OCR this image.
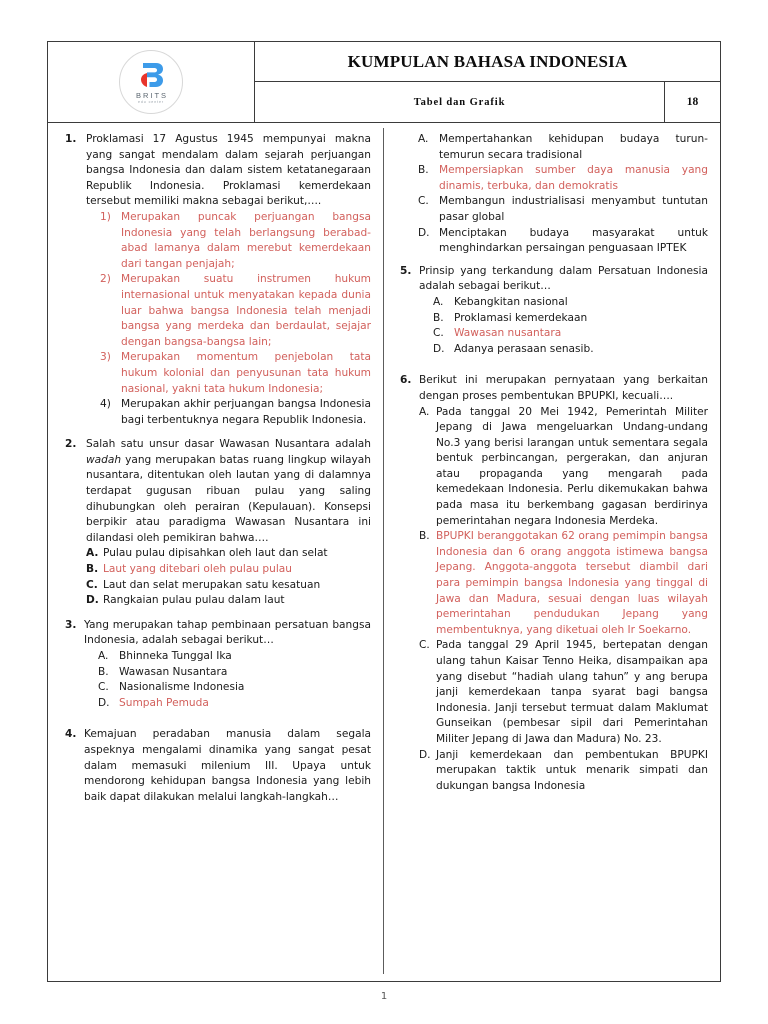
BRITS
edu center
KUMPULAN BAHASA INDONESIA
Tabel dan Grafik	18
1. Proklamasi 17 Agustus 1945 mempunyai makna yang sangat mendalam dalam sejarah perjuangan bangsa Indonesia dan dalam sistem ketatanegaraan Republik Indonesia. Proklamasi kemerdekaan tersebut memiliki makna sebagai berikut,….
1) Merupakan puncak perjuangan bangsa Indonesia yang telah berlangsung berabad-abad lamanya dalam merebut kemerdekaan dari tangan penjajah;
2) Merupakan suatu instrumen hukum internasional untuk menyatakan kepada dunia luar bahwa bangsa Indonesia telah menjadi bangsa yang merdeka dan berdaulat, sejajar dengan bangsa-bangsa lain;
3) Merupakan momentum penjebolan tata hukum kolonial dan penyusunan tata hukum nasional, yakni tata hukum Indonesia;
4) Merupakan akhir perjuangan bangsa Indonesia bagi terbentuknya negara Republik Indonesia.
2. Salah satu unsur dasar Wawasan Nusantara adalah wadah yang merupakan batas ruang lingkup wilayah nusantara, ditentukan oleh lautan yang di dalamnya terdapat gugusan ribuan pulau yang saling dihubungkan oleh perairan (Kepulauan). Konsepsi berpikir atau paradigma Wawasan Nusantara ini dilandasi oleh pemikiran bahwa….
A. Pulau pulau dipisahkan oleh laut dan selat
B. Laut yang ditebari oleh pulau pulau
C. Laut dan selat merupakan satu kesatuan
D. Rangkaian pulau pulau dalam laut
3. Yang merupakan tahap pembinaan persatuan bangsa Indonesia, adalah sebagai berikut…
A. Bhinneka Tunggal Ika
B. Wawasan Nusantara
C. Nasionalisme Indonesia
D. Sumpah Pemuda
4. Kemajuan peradaban manusia dalam segala aspeknya mengalami dinamika yang sangat pesat dalam memasuki milenium III. Upaya untuk mendorong kehidupan bangsa Indonesia yang lebih baik dapat dilakukan melalui langkah-langkah…
A. Mempertahankan kehidupan budaya turun-temurun secara tradisional
B. Mempersiapkan sumber daya manusia yang dinamis, terbuka, dan demokratis
C. Membangun industrialisasi menyambut tuntutan pasar global
D. Menciptakan budaya masyarakat untuk menghindarkan persaingan penguasaan IPTEK
5. Prinsip yang terkandung dalam Persatuan Indonesia adalah sebagai berikut…
A. Kebangkitan nasional
B. Proklamasi kemerdekaan
C. Wawasan nusantara
D. Adanya perasaan senasib.
6. Berikut ini merupakan pernyataan yang berkaitan dengan proses pembentukan BPUPKI, kecuali….
A. Pada tanggal 20 Mei 1942, Pemerintah Militer Jepang di Jawa mengeluarkan Undang-undang No.3 yang berisi larangan untuk sementara segala bentuk perbincangan, pergerakan, dan anjuran atau propaganda yang mengarah pada kemedekaan Indonesia. Perlu dikemukakan bahwa pada masa itu berkembang gagasan berdirinya pemerintahan negara Indonesia Merdeka.
B. BPUPKI beranggotakan 62 orang pemimpin bangsa Indonesia dan 6 orang anggota istimewa bangsa Jepang. Anggota-anggota tersebut diambil dari para pemimpin bangsa Indonesia yang tinggal di Jawa dan Madura, sesuai dengan luas wilayah pemerintahan pendudukan Jepang yang membentuknya, yang diketuai oleh Ir Soekarno.
C. Pada tanggal 29 April 1945, bertepatan dengan ulang tahun Kaisar Tenno Heika, disampaikan apa yang disebut “hadiah ulang tahun” y ang berupa janji kemerdekaan tanpa syarat bagi bangsa Indonesia. Janji tersebut termuat dalam Maklumat Gunseikan (pembesar sipil dari Pemerintahan Militer Jepang di Jawa dan Madura) No. 23.
D. Janji kemerdekaan dan pembentukan BPUPKI merupakan taktik untuk menarik simpati dan dukungan bangsa Indonesia
1
